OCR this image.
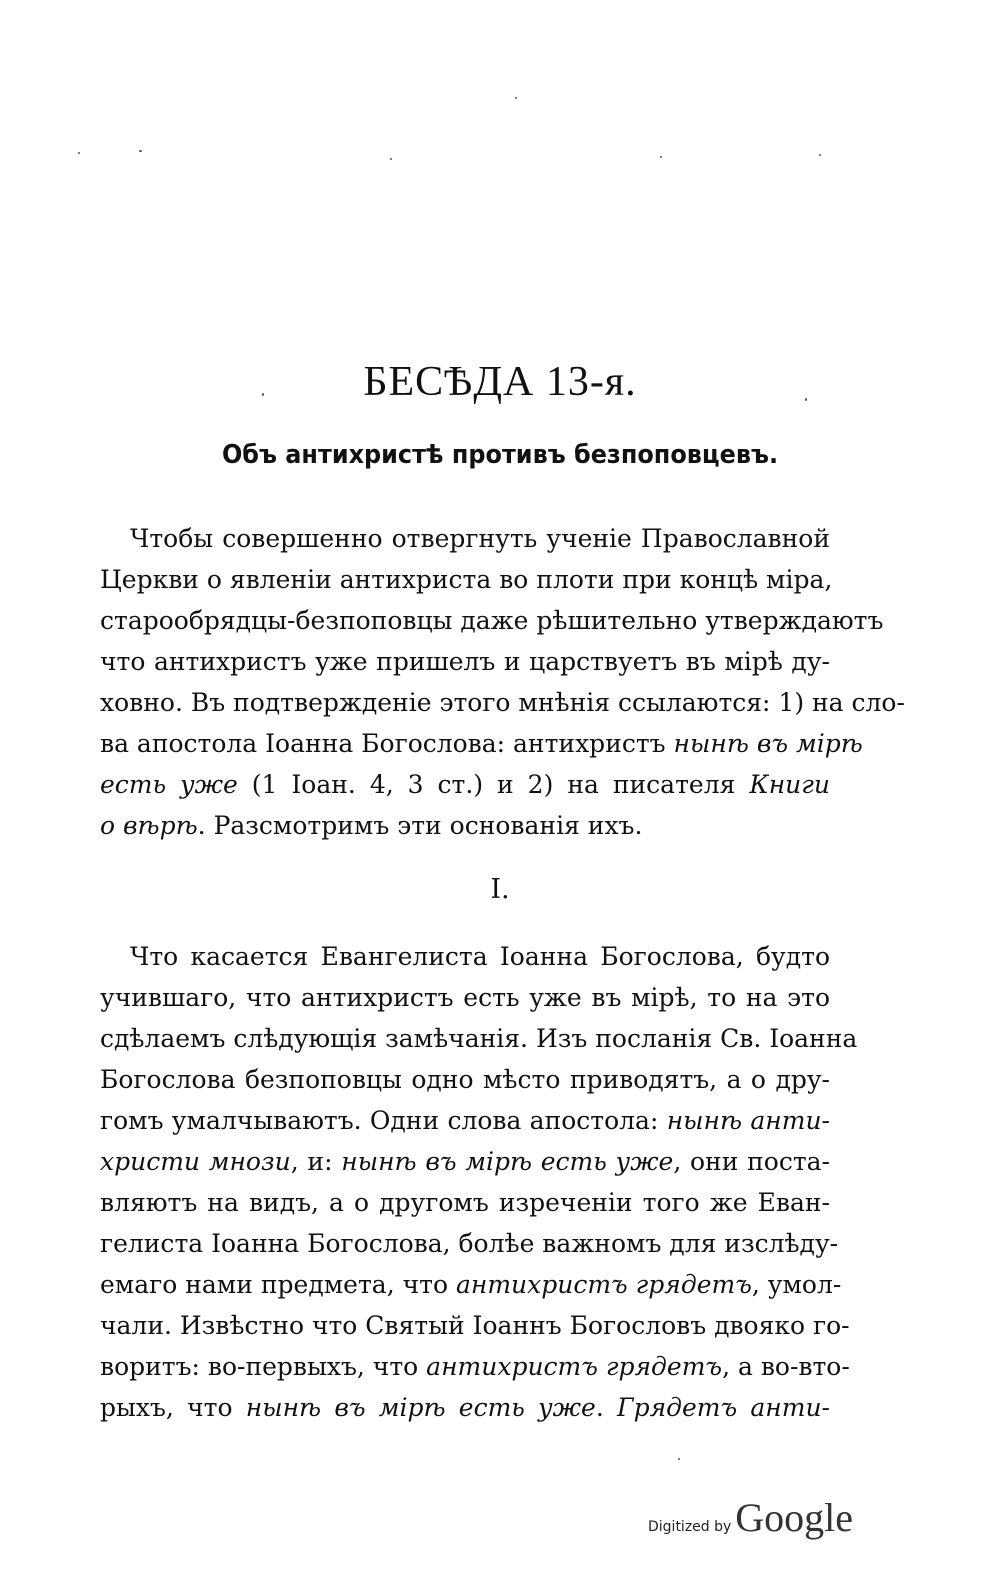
БЕСѢДА 13-я.
Объ антихристѣ противъ безпоповцевъ.
Чтобы совершенно отвергнуть ученіе Православной
Церкви о явленіи антихриста во плоти при концѣ міра,
старообрядцы-безпоповцы даже рѣшительно утверждаютъ
что антихристъ уже пришелъ и царствуетъ въ мірѣ ду-
ховно. Въ подтвержденіе этого мнѣнія ссылаются: 1) на сло-
ва апостола Іоанна Богослова: антихристъ нынѣ въ мірѣ
есть уже (1 Іоан. 4, 3 ст.) и 2) на писателя Книги
о вѣрѣ. Разсмотримъ эти основанія ихъ.
I.
Что касается Евангелиста Іоанна Богослова, будто
учившаго, что антихристъ есть уже въ мірѣ, то на это
сдѣлаемъ слѣдующія замѣчанія. Изъ посланія Св. Іоанна
Богослова безпоповцы одно мѣсто приводятъ, а о дру-
гомъ умалчываютъ. Одни слова апостола: нынѣ анти-
христи мнози, и: нынѣ въ мірѣ есть уже, они поста-
вляютъ на видъ, а о другомъ изреченіи того же Еван-
гелиста Іоанна Богослова, болѣе важномъ для изслѣду-
емаго нами предмета, что антихристъ грядетъ, умол-
чали. Извѣстно что Святый Іоаннъ Богословъ двояко го-
воритъ: во-первыхъ, что антихристъ грядетъ, а во-вто-
рыхъ, что нынѣ въ мірѣ есть уже. Грядетъ анти-
Digitized by Google
